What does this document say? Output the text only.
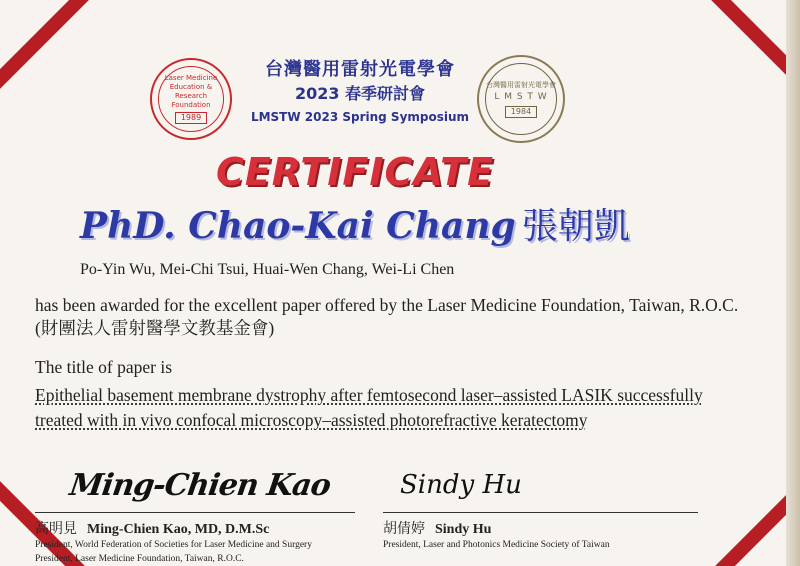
Laser Medicine Education & Research Foundation
1989
台灣醫用雷射光電學會
2023 春季研討會
LMSTW 2023 Spring Symposium
台灣醫用雷射光電學會
L M S T W
1984
CERTIFICATE
PhD. Chao-Kai Chang 張朝凱
Po-Yin Wu, Mei-Chi Tsui, Huai-Wen Chang, Wei-Li Chen
has been awarded for the excellent paper offered by the Laser Medicine Foundation, Taiwan, R.O.C. (財團法人雷射醫學文教基金會)
The title of paper is
Epithelial basement membrane dystrophy after femtosecond laser–assisted LASIK successfully treated with in vivo confocal microscopy–assisted photorefractive keratectomy
Ming-Chien Kao	Sindy Hu
高明見 Ming-Chien Kao, MD, D.M.Sc	胡倩婷 Sindy Hu
President, World Federation of Societies for Laser Medicine and Surgery
President, Laser Medicine Foundation, Taiwan, R.O.C.
President, Laser and Photonics Medicine Society of Taiwan
